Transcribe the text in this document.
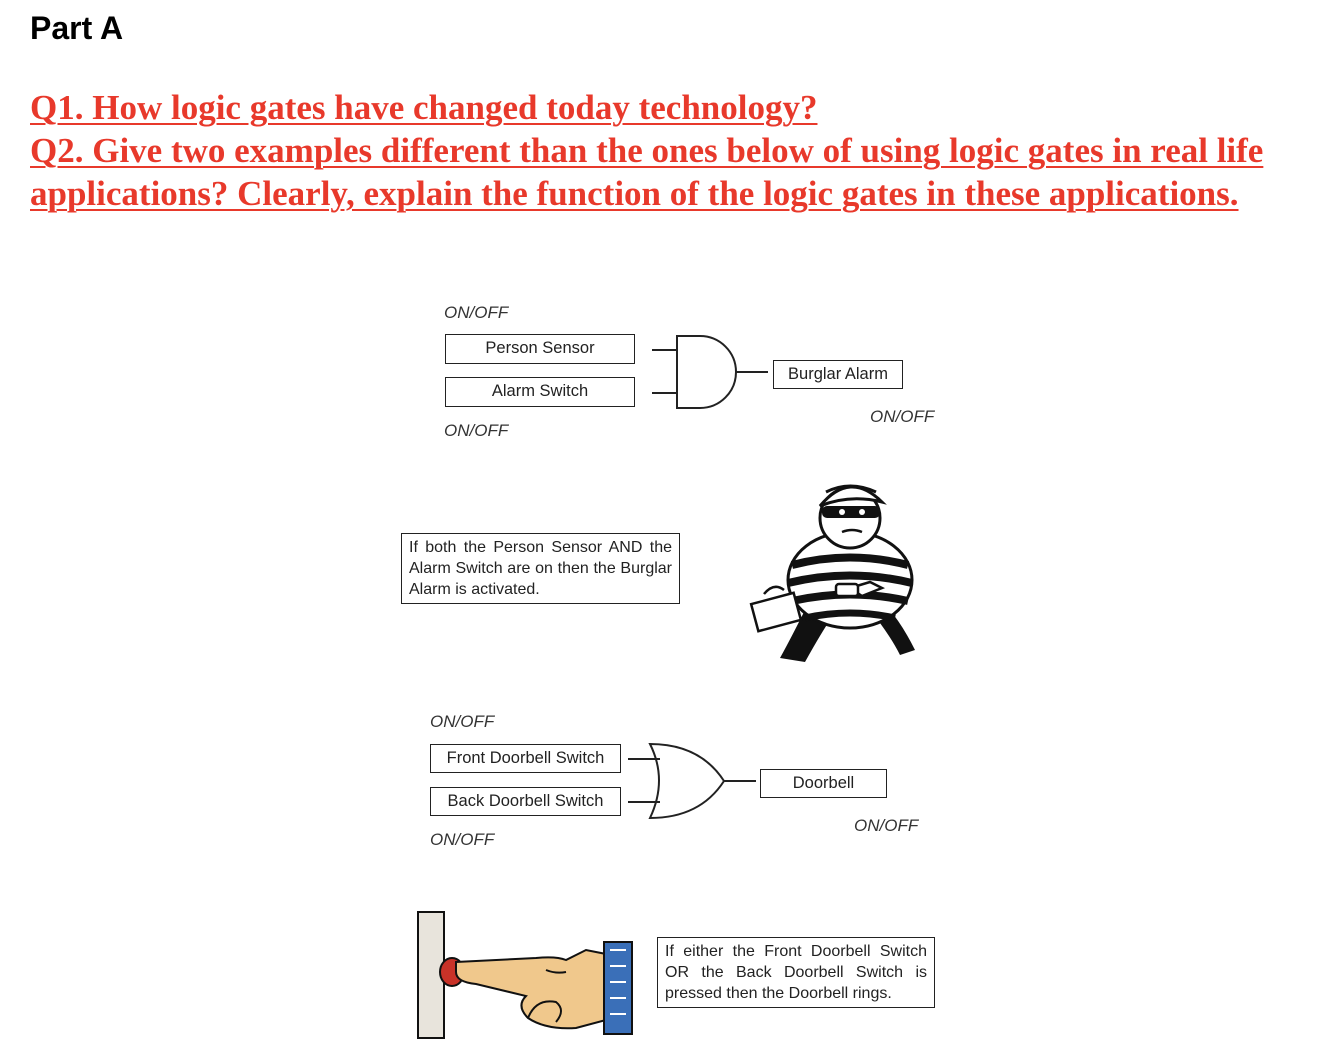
Part A
Q1. How logic gates have changed today technology?
Q2. Give two examples different than the ones below of using logic gates in real life applications? Clearly, explain the function of the logic gates in these applications.
ON/OFF
Person Sensor
Alarm Switch
ON/OFF
Burglar Alarm
ON/OFF
If both the Person Sensor AND the Alarm Switch are on then the Burglar Alarm is activated.
ON/OFF
Front Doorbell Switch
Back Doorbell Switch
ON/OFF
Doorbell
ON/OFF
If either the Front Doorbell Switch OR the Back Doorbell Switch is pressed then the Doorbell rings.
